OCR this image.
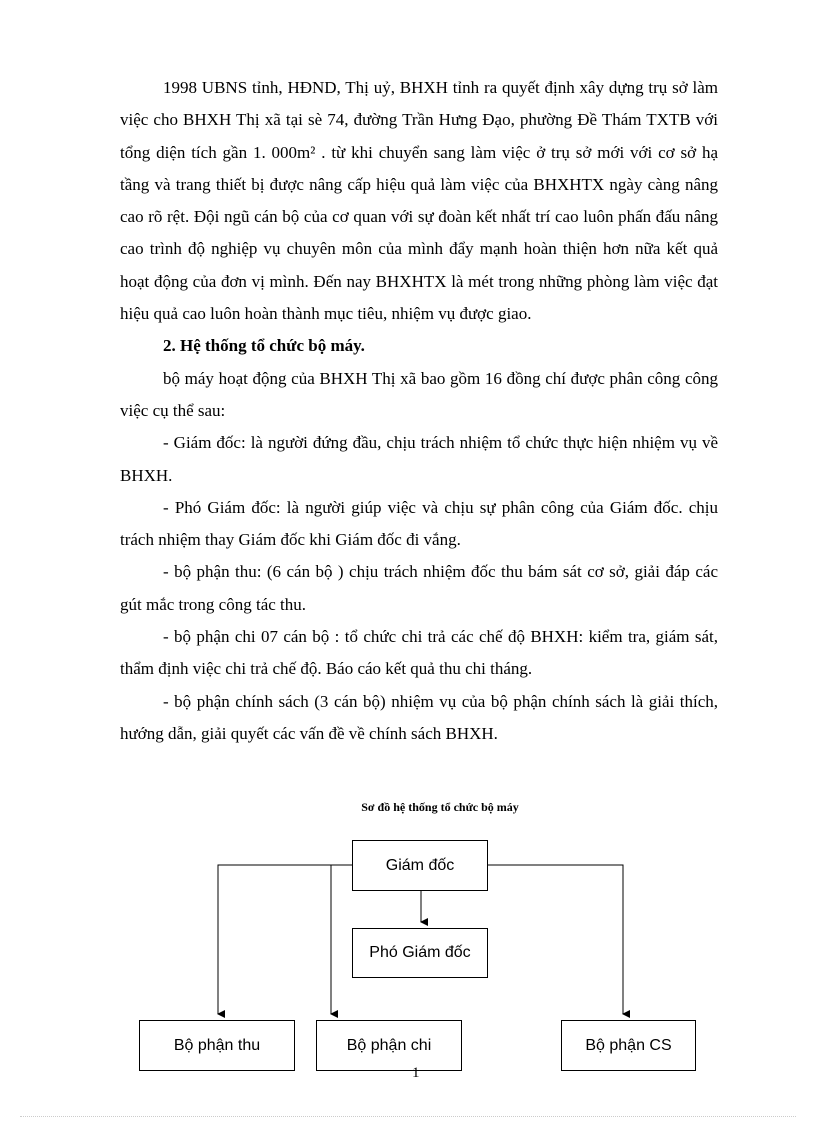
1998 UBNS tỉnh, HĐND, Thị uỷ, BHXH tỉnh ra quyết định xây dựng trụ sở làm việc cho BHXH Thị xã tại sè 74, đường Trần Hưng Đạo, phường Đề Thám TXTB với tổng diện tích gần 1. 000m² . từ khi chuyển sang làm việc ở trụ sở mới với cơ sở hạ tầng và trang thiết bị được nâng cấp hiệu quả làm việc của BHXHTX ngày càng nâng cao rõ rệt. Đội ngũ cán bộ của cơ quan với sự đoàn kết nhất trí cao luôn phấn đấu nâng cao trình độ nghiệp vụ chuyên môn của mình đẩy mạnh hoàn thiện hơn nữa kết quả hoạt động của đơn vị mình. Đến nay BHXHTX là mét trong những phòng làm việc đạt hiệu quả cao luôn hoàn thành mục tiêu, nhiệm vụ được giao.

2. Hệ thống tổ chức bộ máy.

bộ máy hoạt động của BHXH Thị xã bao gồm 16 đồng chí được phân công công việc cụ thể sau:

- Giám đốc: là người đứng đầu, chịu trách nhiệm tổ chức thực hiện nhiệm vụ về BHXH.

- Phó Giám đốc: là người giúp việc và chịu sự phân công của Giám đốc. chịu trách nhiệm thay Giám đốc khi Giám đốc đi vắng.

- bộ phận thu: (6 cán bộ ) chịu trách nhiệm đốc thu bám sát cơ sở, giải đáp các gút mắc trong công tác thu.

- bộ phận chi 07 cán bộ : tổ chức chi trả các chế độ BHXH: kiểm tra, giám sát, thẩm định việc chi trả chế độ. Báo cáo kết quả thu chi tháng.

- bộ phận chính sách (3 cán bộ) nhiệm vụ của bộ phận chính sách là giải thích, hướng dẫn, giải quyết các vấn đề về chính sách BHXH.

Sơ đồ hệ thống tổ chức bộ máy
Giám đốc
Phó Giám đốc
Bộ phận thu	Bộ phận chi	Bộ phận CS
1
